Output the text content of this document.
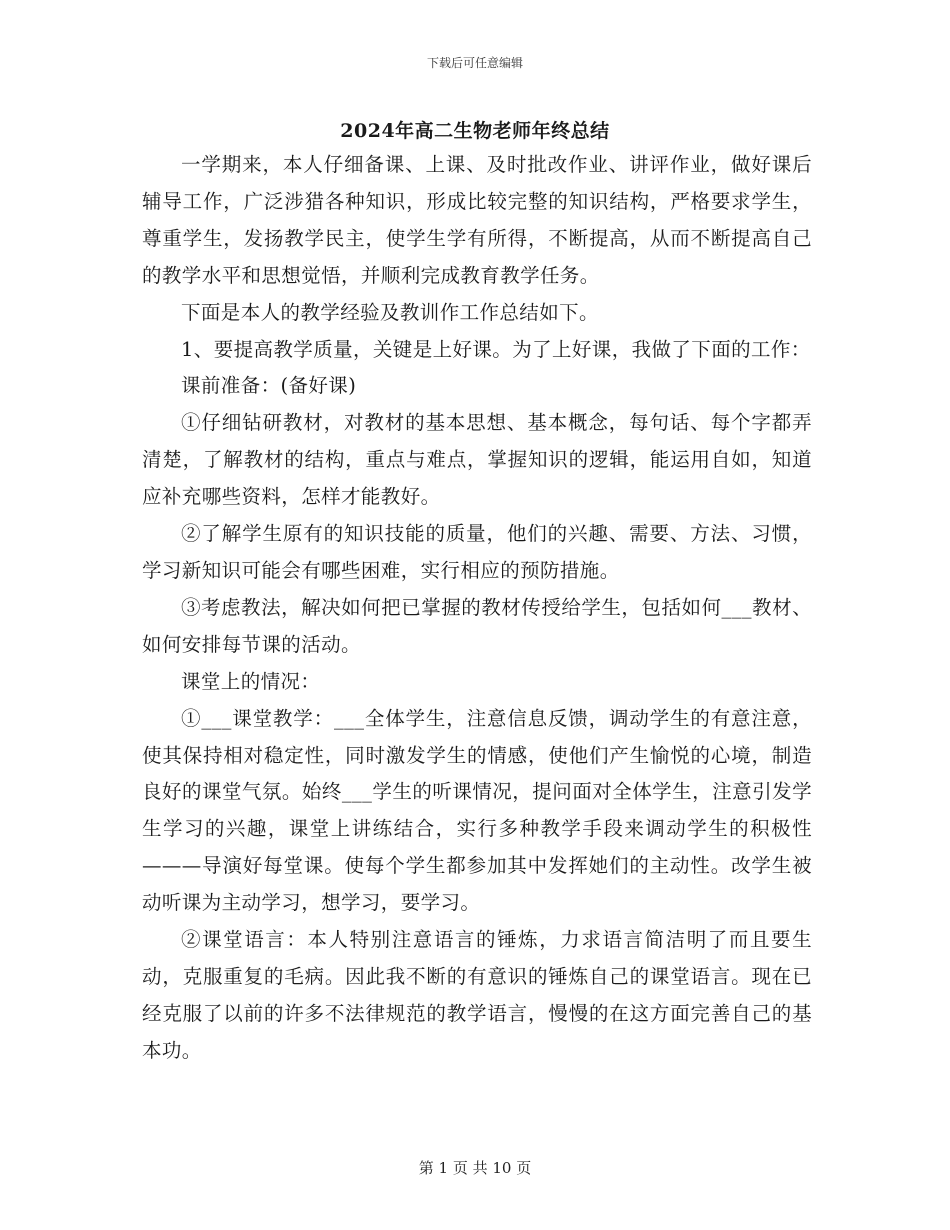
下载后可任意编辑
2024年高二生物老师年终总结

一学期来，本人仔细备课、上课、及时批改作业、讲评作业，做好课后辅导工作，广泛涉猎各种知识，形成比较完整的知识结构，严格要求学生，尊重学生，发扬教学民主，使学生学有所得，不断提高，从而不断提高自己的教学水平和思想觉悟，并顺利完成教育教学任务。

下面是本人的教学经验及教训作工作总结如下。

1、要提高教学质量，关键是上好课。为了上好课，我做了下面的工作：

课前准备：(备好课)

①仔细钻研教材，对教材的基本思想、基本概念，每句话、每个字都弄清楚，了解教材的结构，重点与难点，掌握知识的逻辑，能运用自如，知道应补充哪些资料，怎样才能教好。

②了解学生原有的知识技能的质量，他们的兴趣、需要、方法、习惯，学习新知识可能会有哪些困难，实行相应的预防措施。

③考虑教法，解决如何把已掌握的教材传授给学生，包括如何___教材、如何安排每节课的活动。

课堂上的情况：

①___课堂教学：___全体学生，注意信息反馈，调动学生的有意注意，使其保持相对稳定性，同时激发学生的情感，使他们产生愉悦的心境，制造良好的课堂气氛。始终___学生的听课情况，提问面对全体学生，注意引发学生学习的兴趣，课堂上讲练结合，实行多种教学手段来调动学生的积极性———导演好每堂课。使每个学生都参加其中发挥她们的主动性。改学生被动听课为主动学习，想学习，要学习。

②课堂语言：本人特别注意语言的锤炼，力求语言简洁明了而且要生动，克服重复的毛病。因此我不断的有意识的锤炼自己的课堂语言。现在已经克服了以前的许多不法律规范的教学语言，慢慢的在这方面完善自己的基本功。

第 1 页 共 10 页
